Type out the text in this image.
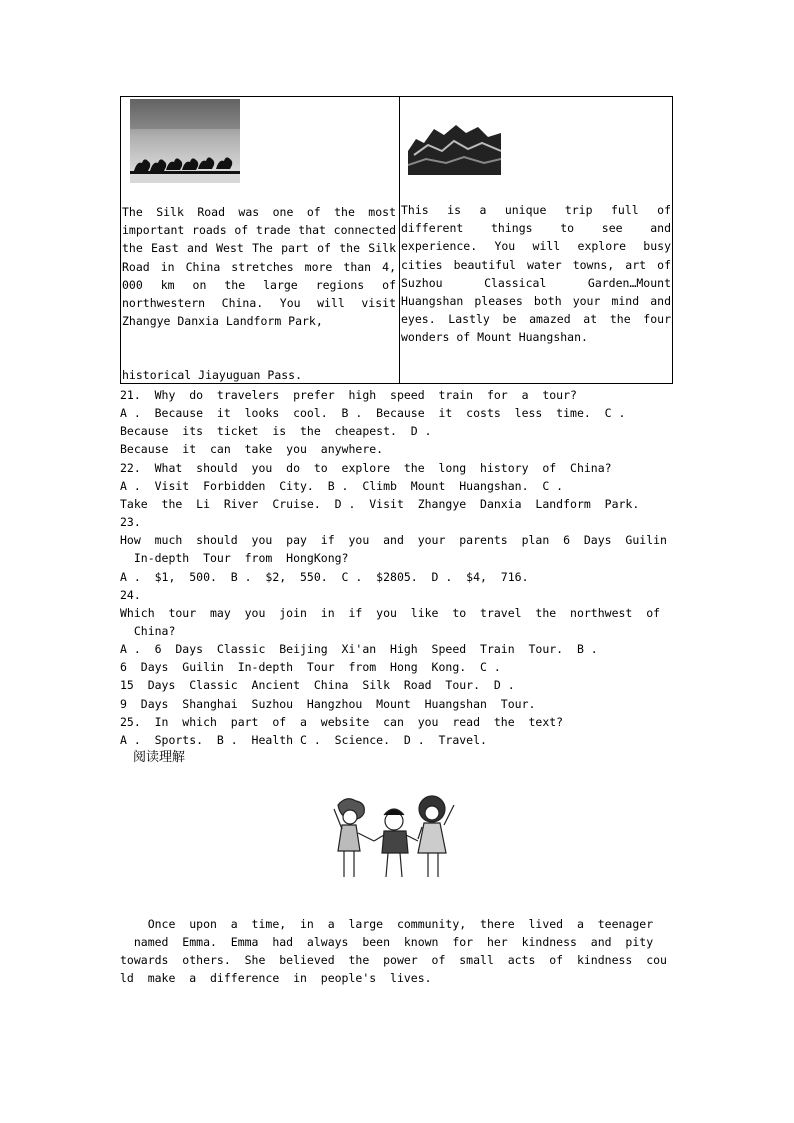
The Silk Road was one of the most important roads of trade that connected the East and West The part of the Silk Road in China stretches more than 4, 000 km on the large regions of northwestern China. You will visit Zhangye Danxia Landform Park,
historical Jiayuguan Pass.
This is a unique trip full of different things to see and experience. You will explore busy cities beautiful water towns, art of Suzhou Classical Garden…Mount Huangshan pleases both your mind and eyes. Lastly be amazed at the four wonders of Mount Huangshan.
21.  Why  do  travelers  prefer  high  speed  train  for  a  tour?
A .  Because  it  looks  cool.  B .  Because  it  costs  less  time.  C .
Because  its  ticket  is  the  cheapest.  D .
Because  it  can  take  you  anywhere.
22.  What  should  you  do  to  explore  the  long  history  of  China?
A .  Visit  Forbidden  City.  B .  Climb  Mount  Huangshan.  C .
Take  the  Li  River  Cruise.  D .  Visit  Zhangye  Danxia  Landform  Park.
23.
How  much  should  you  pay  if  you  and  your  parents  plan  6  Days  Guilin
In-depth  Tour  from  HongKong?
A .  $1,  500.  B .  $2,  550.  C .  $2805.  D .  $4,  716.
24.
Which  tour  may  you  join  in  if  you  like  to  travel  the  northwest  of
China?
A .  6  Days  Classic  Beijing  Xi'an  High  Speed  Train  Tour.  B .
6  Days  Guilin  In-depth  Tour  from  Hong  Kong.  C .
15  Days  Classic  Ancient  China  Silk  Road  Tour.  D .
9  Days  Shanghai  Suzhou  Hangzhou  Mount  Huangshan  Tour.
25.  In  which  part  of  a  website  can  you  read  the  text?
A .  Sports.  B .  Health C .  Science.  D .  Travel.
阅读理解
Once  upon  a  time,  in  a  large  community,  there  lived  a  teenager
named  Emma.  Emma  had  always  been  known  for  her  kindness  and  pity
towards  others.  She  believed  the  power  of  small  acts  of  kindness  cou
ld  make  a  difference  in  people's  lives.
